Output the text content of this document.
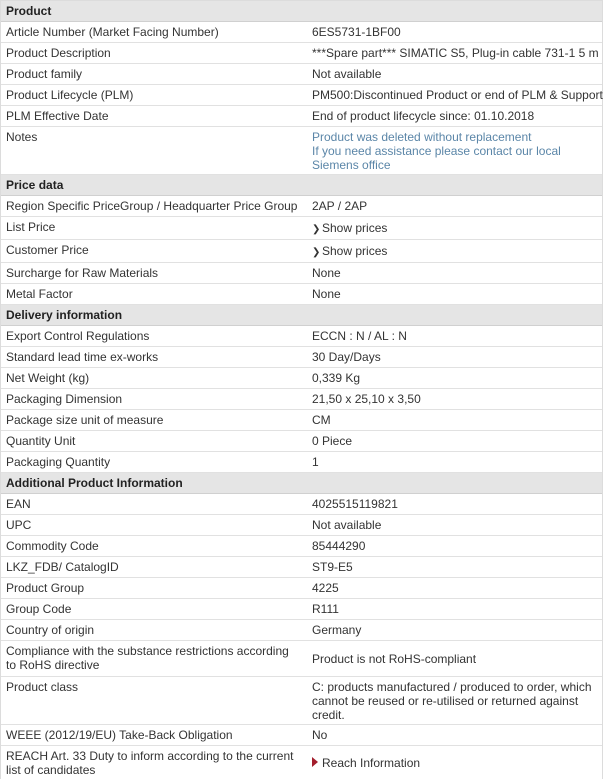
Product
Article Number (Market Facing Number)	6ES5731-1BF00
Product Description	***Spare part*** SIMATIC S5, Plug-in cable 731-1 5 m
Product family	Not available
Product Lifecycle (PLM)	PM500:Discontinued Product or end of PLM & Support
PLM Effective Date	End of product lifecycle since: 01.10.2018
Notes	Product was deleted without replacement
If you need assistance please contact our local Siemens office
Price data
Region Specific PriceGroup / Headquarter Price Group	2AP / 2AP
List Price	❯ Show prices
Customer Price	❯ Show prices
Surcharge for Raw Materials	None
Metal Factor	None
Delivery information
Export Control Regulations	ECCN : N / AL : N
Standard lead time ex-works	30 Day/Days
Net Weight (kg)	0,339 Kg
Packaging Dimension	21,50 x 25,10 x 3,50
Package size unit of measure	CM
Quantity Unit	0 Piece
Packaging Quantity	1
Additional Product Information
EAN	4025515119821
UPC	Not available
Commodity Code	85444290
LKZ_FDB/ CatalogID	ST9-E5
Product Group	4225
Group Code	R111
Country of origin	Germany
Compliance with the substance restrictions according to RoHS directive	Product is not RoHS-compliant
Product class	C: products manufactured / produced to order, which cannot be reused or re-utilised or returned against credit.
WEEE (2012/19/EU) Take-Back Obligation	No
REACH Art. 33 Duty to inform according to the current list of candidates	Reach Information
